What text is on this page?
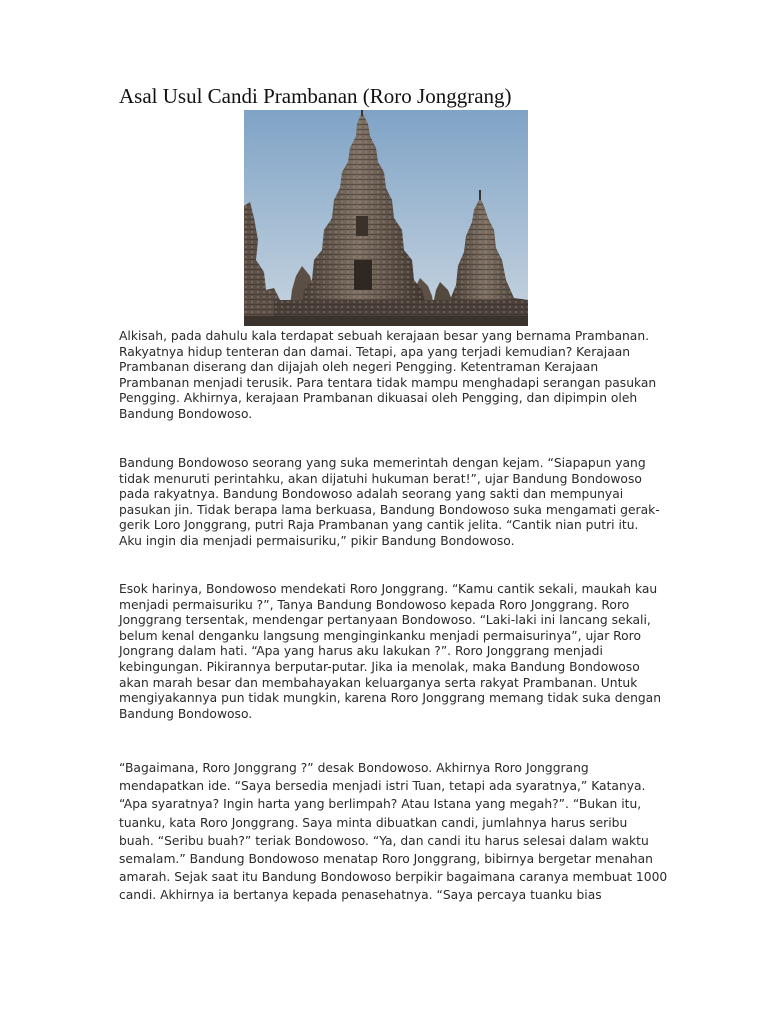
Asal Usul Candi Prambanan (Roro Jonggrang)
Alkisah, pada dahulu kala terdapat sebuah kerajaan besar yang bernama Prambanan.
Rakyatnya hidup tenteran dan damai. Tetapi, apa yang terjadi kemudian? Kerajaan
Prambanan diserang dan dijajah oleh negeri Pengging. Ketentraman Kerajaan
Prambanan menjadi terusik. Para tentara tidak mampu menghadapi serangan pasukan
Pengging. Akhirnya, kerajaan Prambanan dikuasai oleh Pengging, dan dipimpin oleh
Bandung Bondowoso.
Bandung Bondowoso seorang yang suka memerintah dengan kejam. “Siapapun yang
tidak menuruti perintahku, akan dijatuhi hukuman berat!”, ujar Bandung Bondowoso
pada rakyatnya. Bandung Bondowoso adalah seorang yang sakti dan mempunyai
pasukan jin. Tidak berapa lama berkuasa, Bandung Bondowoso suka mengamati gerak-
gerik Loro Jonggrang, putri Raja Prambanan yang cantik jelita. “Cantik nian putri itu.
Aku ingin dia menjadi permaisuriku,” pikir Bandung Bondowoso.
Esok harinya, Bondowoso mendekati Roro Jonggrang. “Kamu cantik sekali, maukah kau
menjadi permaisuriku ?”, Tanya Bandung Bondowoso kepada Roro Jonggrang. Roro
Jonggrang tersentak, mendengar pertanyaan Bondowoso. “Laki-laki ini lancang sekali,
belum kenal denganku langsung menginginkanku menjadi permaisurinya”, ujar Roro
Jongrang dalam hati. “Apa yang harus aku lakukan ?”. Roro Jonggrang menjadi
kebingungan. Pikirannya berputar-putar. Jika ia menolak, maka Bandung Bondowoso
akan marah besar dan membahayakan keluarganya serta rakyat Prambanan. Untuk
mengiyakannya pun tidak mungkin, karena Roro Jonggrang memang tidak suka dengan
Bandung Bondowoso.
“Bagaimana, Roro Jonggrang ?” desak Bondowoso. Akhirnya Roro Jonggrang
mendapatkan ide. “Saya bersedia menjadi istri Tuan, tetapi ada syaratnya,” Katanya.
“Apa syaratnya? Ingin harta yang berlimpah? Atau Istana yang megah?”. “Bukan itu,
tuanku, kata Roro Jonggrang. Saya minta dibuatkan candi, jumlahnya harus seribu
buah. “Seribu buah?” teriak Bondowoso. “Ya, dan candi itu harus selesai dalam waktu
semalam.” Bandung Bondowoso menatap Roro Jonggrang, bibirnya bergetar menahan
amarah. Sejak saat itu Bandung Bondowoso berpikir bagaimana caranya membuat 1000
candi. Akhirnya ia bertanya kepada penasehatnya. “Saya percaya tuanku bias
